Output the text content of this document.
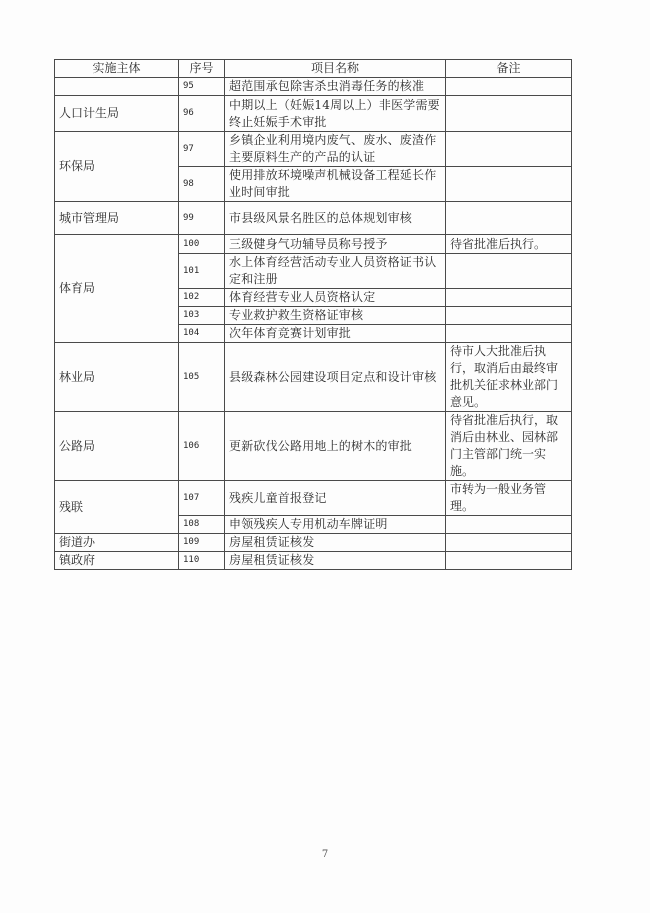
实施主体	序号	项目名称	备注
	95	超范围承包除害杀虫消毒任务的核准	
人口计生局	96	中期以上（妊娠14周以上）非医学需要终止妊娠手术审批	
环保局	97	乡镇企业利用境内废气、废水、废渣作主要原料生产的产品的认证	
	98	使用排放环境噪声机械设备工程延长作业时间审批	
城市管理局	99	市县级风景名胜区的总体规划审核	
体育局	100	三级健身气功辅导员称号授予	待省批准后执行。
	101	水上体育经营活动专业人员资格证书认定和注册	
	102	体育经营专业人员资格认定	
	103	专业救护救生资格证审核	
	104	次年体育竞赛计划审批	
林业局	105	县级森林公园建设项目定点和设计审核	待市人大批准后执行，取消后由最终审批机关征求林业部门意见。
公路局	106	更新砍伐公路用地上的树木的审批	待省批准后执行，取消后由林业、园林部门主管部门统一实施。
残联	107	残疾儿童首报登记	市转为一般业务管理。
	108	申领残疾人专用机动车牌证明	
街道办	109	房屋租赁证核发	
镇政府	110	房屋租赁证核发	
7
